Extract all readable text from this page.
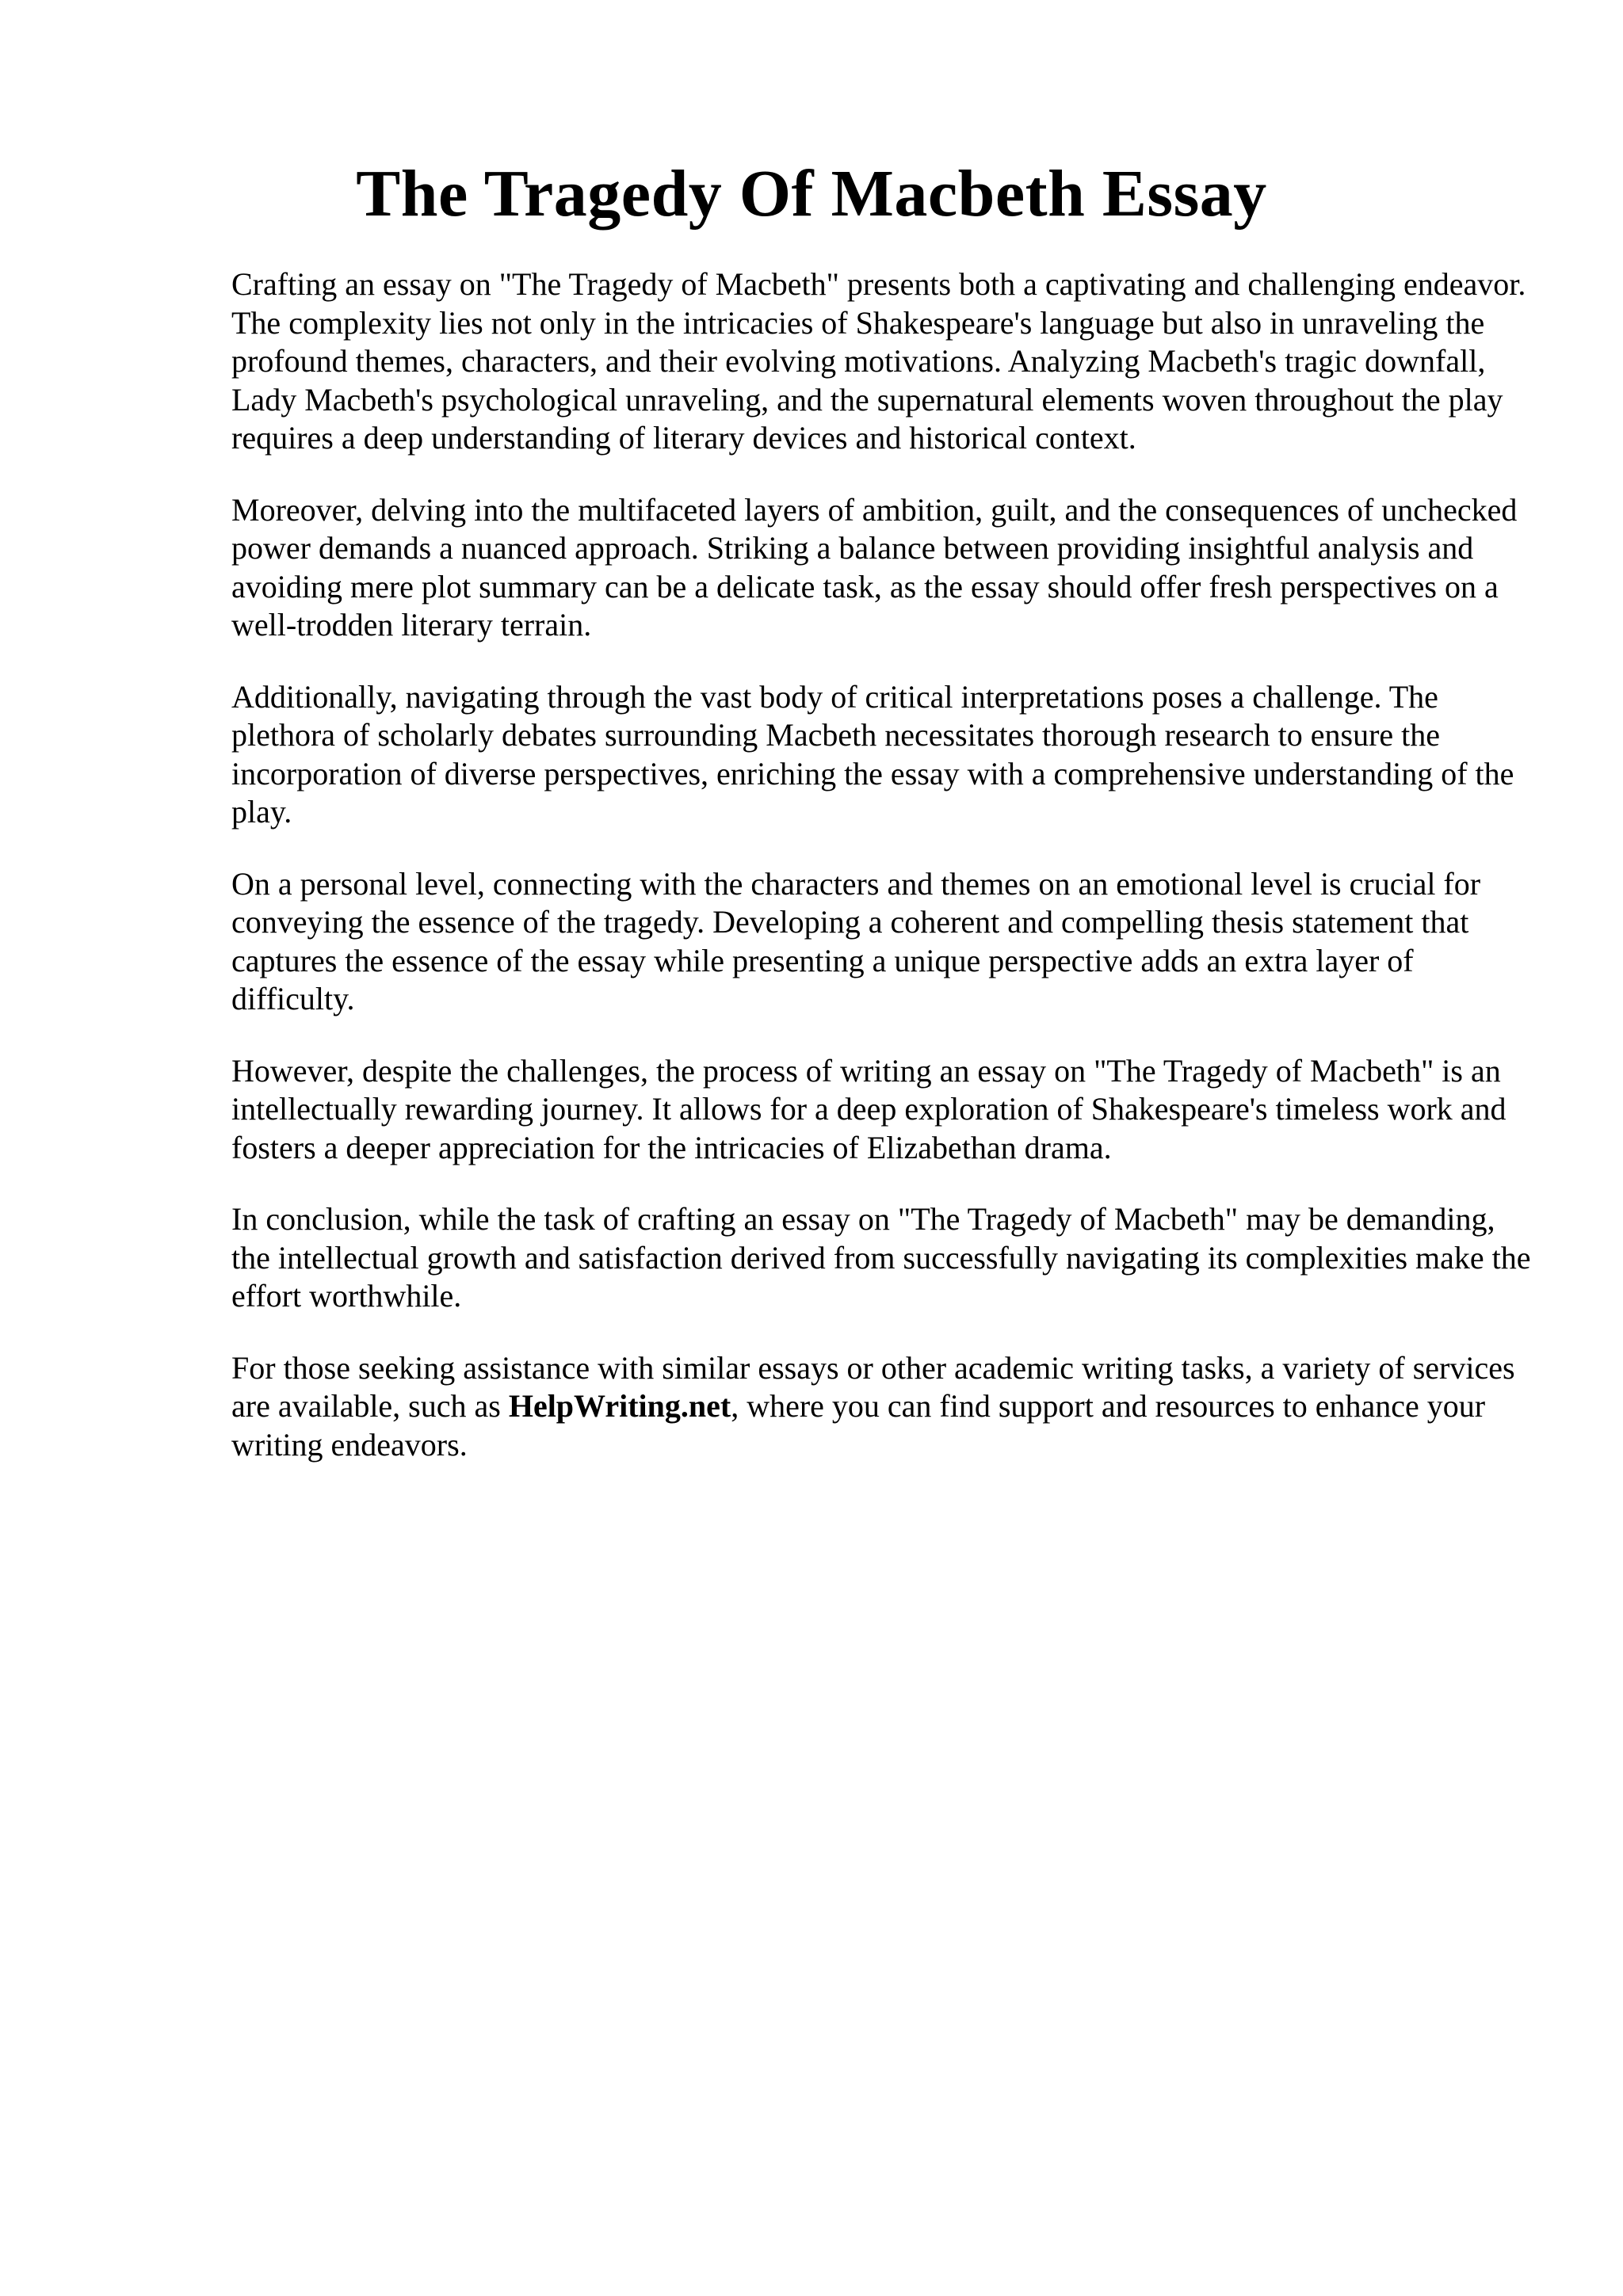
The Tragedy Of Macbeth Essay

Crafting an essay on "The Tragedy of Macbeth" presents both a captivating and challenging endeavor. The complexity lies not only in the intricacies of Shakespeare's language but also in unraveling the profound themes, characters, and their evolving motivations. Analyzing Macbeth's tragic downfall, Lady Macbeth's psychological unraveling, and the supernatural elements woven throughout the play requires a deep understanding of literary devices and historical context.

Moreover, delving into the multifaceted layers of ambition, guilt, and the consequences of unchecked power demands a nuanced approach. Striking a balance between providing insightful analysis and avoiding mere plot summary can be a delicate task, as the essay should offer fresh perspectives on a well-trodden literary terrain.

Additionally, navigating through the vast body of critical interpretations poses a challenge. The plethora of scholarly debates surrounding Macbeth necessitates thorough research to ensure the incorporation of diverse perspectives, enriching the essay with a comprehensive understanding of the play.

On a personal level, connecting with the characters and themes on an emotional level is crucial for conveying the essence of the tragedy. Developing a coherent and compelling thesis statement that captures the essence of the essay while presenting a unique perspective adds an extra layer of difficulty.

However, despite the challenges, the process of writing an essay on "The Tragedy of Macbeth" is an intellectually rewarding journey. It allows for a deep exploration of Shakespeare's timeless work and fosters a deeper appreciation for the intricacies of Elizabethan drama.

In conclusion, while the task of crafting an essay on "The Tragedy of Macbeth" may be demanding, the intellectual growth and satisfaction derived from successfully navigating its complexities make the effort worthwhile.

For those seeking assistance with similar essays or other academic writing tasks, a variety of services are available, such as HelpWriting.net, where you can find support and resources to enhance your writing endeavors.
